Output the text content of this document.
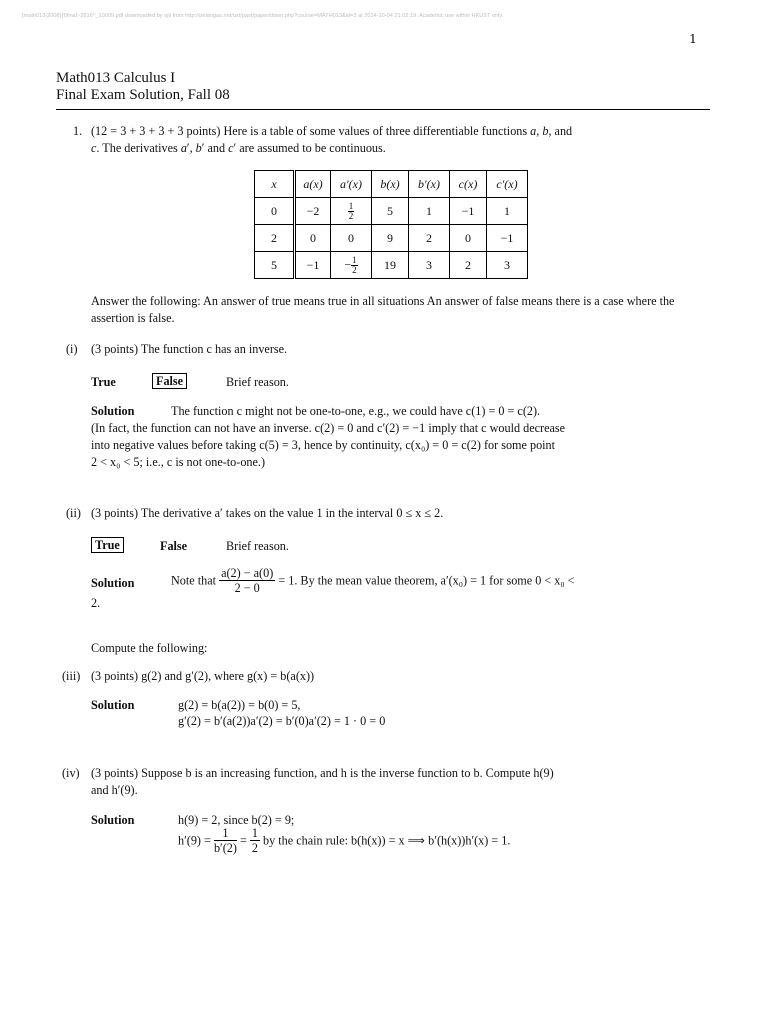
[math013(2008)(f)final~2816^_10009.pdf downloaded by ojli from http://pelangas.net/ust/past/paper/down.php?course=MATH013&id=3 at 2014-10-04 21:02:19. Academic use within HKUST only.
1
Math013 Calculus I
Final Exam Solution, Fall 08
1. (12 = 3 + 3 + 3 + 3 points) Here is a table of some values of three differentiable functions a, b, and
c. The derivatives a′, b′ and c′ are assumed to be continuous.
x	a(x)	a′(x)	b(x)	b′(x)	c(x)	c′(x)
0	−2	$\frac{1}{2}$	5	1	−1	1
2	0	0	9	2	0	−1
5	−1	− $\frac{1}{2}$	19	3	2	3
Answer the following: An answer of true means true in all situations An answer of false means there is a case where the assertion is false.
(i) (3 points) The function c has an inverse.
True	False	Brief reason.
Solution	The function c might not be one-to-one, e.g., we could have c(1) = 0 = c(2).
(In fact, the function can not have an inverse. c(2) = 0 and c′(2) = −1 imply that c would decrease
into negative values before taking c(5) = 3, hence by continuity, c(x₀) = 0 = c(2) for some point
2 < x₀ < 5; i.e., c is not one-to-one.)
(ii) (3 points) The derivative a′ takes on the value 1 in the interval 0 ≤ x ≤ 2.
True	False	Brief reason.
Solution	Note that $\frac{a(2) - a(0)}{2 - 0} = 1$. By the mean value theorem, a′(x₀) = 1 for some 0 < x₀ <
2.
Compute the following:
(iii) (3 points) g(2) and g′(2), where g(x) = b(a(x))
Solution	g(2) = b(a(2)) = b(0) = 5,
g′(2) = b′(a(2))a′(2) = b′(0)a′(2) = 1 · 0 = 0
(iv) (3 points) Suppose b is an increasing function, and h is the inverse function to b. Compute h(9)
and h′(9).
Solution	h(9) = 2, since b(2) = 9;
$h'(9) = \frac{1}{b'(2)} = \frac{1}{2}$ by the chain rule: b(h(x)) = x ⟹ b′(h(x))h′(x) = 1.
